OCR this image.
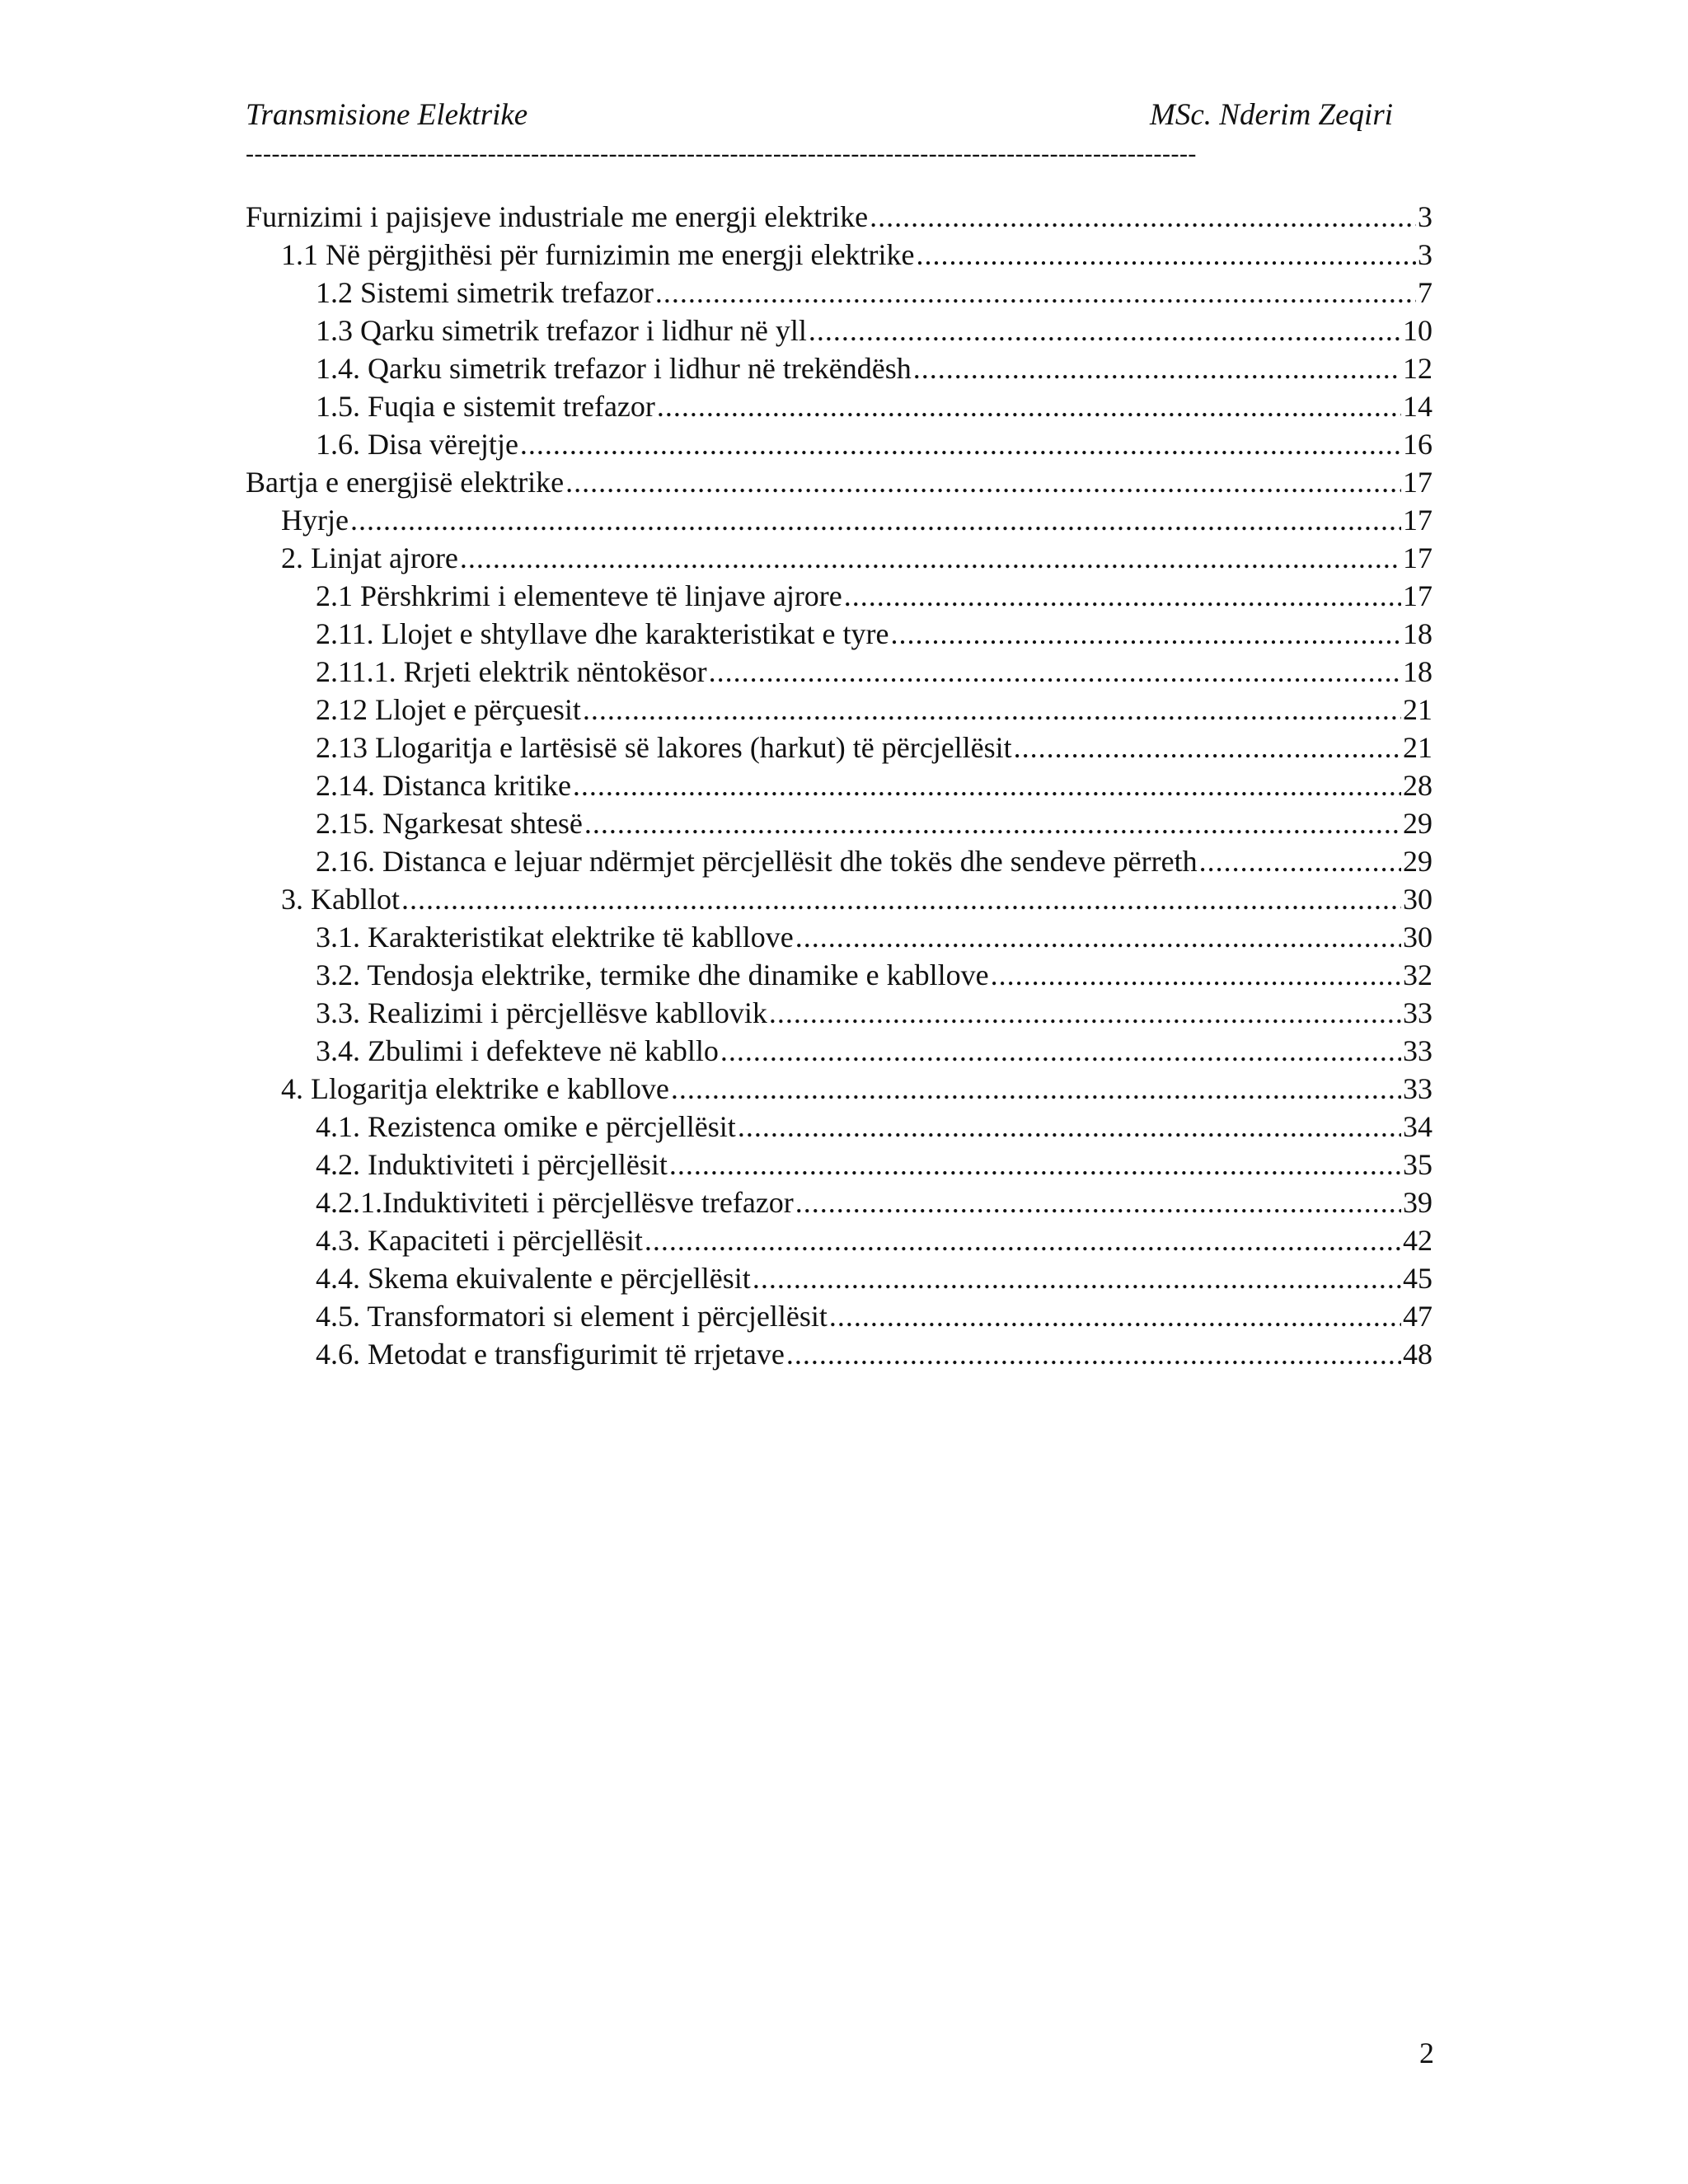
Transmisione Elektrike	MSc. Nderim Zeqiri
--------------------------------------------------------------------------------------------------------------
Furnizimi i pajisjeve industriale me energji elektrike .....	3
1.1 Në përgjithësi për furnizimin me energji elektrike .....	3
1.2 Sistemi simetrik trefazor .....	7
1.3 Qarku simetrik trefazor i lidhur në yll .....	10
1.4. Qarku simetrik trefazor i lidhur në trekëndësh .....	12
1.5. Fuqia e sistemit trefazor .....	14
1.6. Disa vërejtje .....	16
Bartja e energjisë elektrike .....	17
Hyrje .....	17
2. Linjat ajrore .....	17
2.1 Përshkrimi i elementeve të linjave ajrore .....	17
2.11. Llojet e shtyllave dhe karakteristikat e tyre .....	18
2.11.1. Rrjeti elektrik nëntokësor .....	18
2.12 Llojet e përçuesit .....	21
2.13 Llogaritja e lartësisë së lakores (harkut) të përcjellësit .....	21
2.14. Distanca kritike .....	28
2.15. Ngarkesat shtesë .....	29
2.16. Distanca e lejuar ndërmjet përcjellësit dhe tokës dhe sendeve përreth .....	29
3. Kabllot .....	30
3.1. Karakteristikat elektrike të kabllove .....	30
3.2. Tendosja elektrike, termike dhe dinamike e kabllove .....	32
3.3. Realizimi i përcjellësve kabllovik .....	33
3.4. Zbulimi i defekteve në kabllo .....	33
4. Llogaritja elektrike e kabllove .....	33
4.1. Rezistenca omike e përcjellësit .....	34
4.2. Induktiviteti i përcjellësit .....	35
4.2.1.Induktiviteti i përcjellësve trefazor .....	39
4.3. Kapaciteti i përcjellësit .....	42
4.4. Skema ekuivalente e përcjellësit .....	45
4.5. Transformatori si element i përcjellësit .....	47
4.6. Metodat e transfigurimit të rrjetave .....	48
2
